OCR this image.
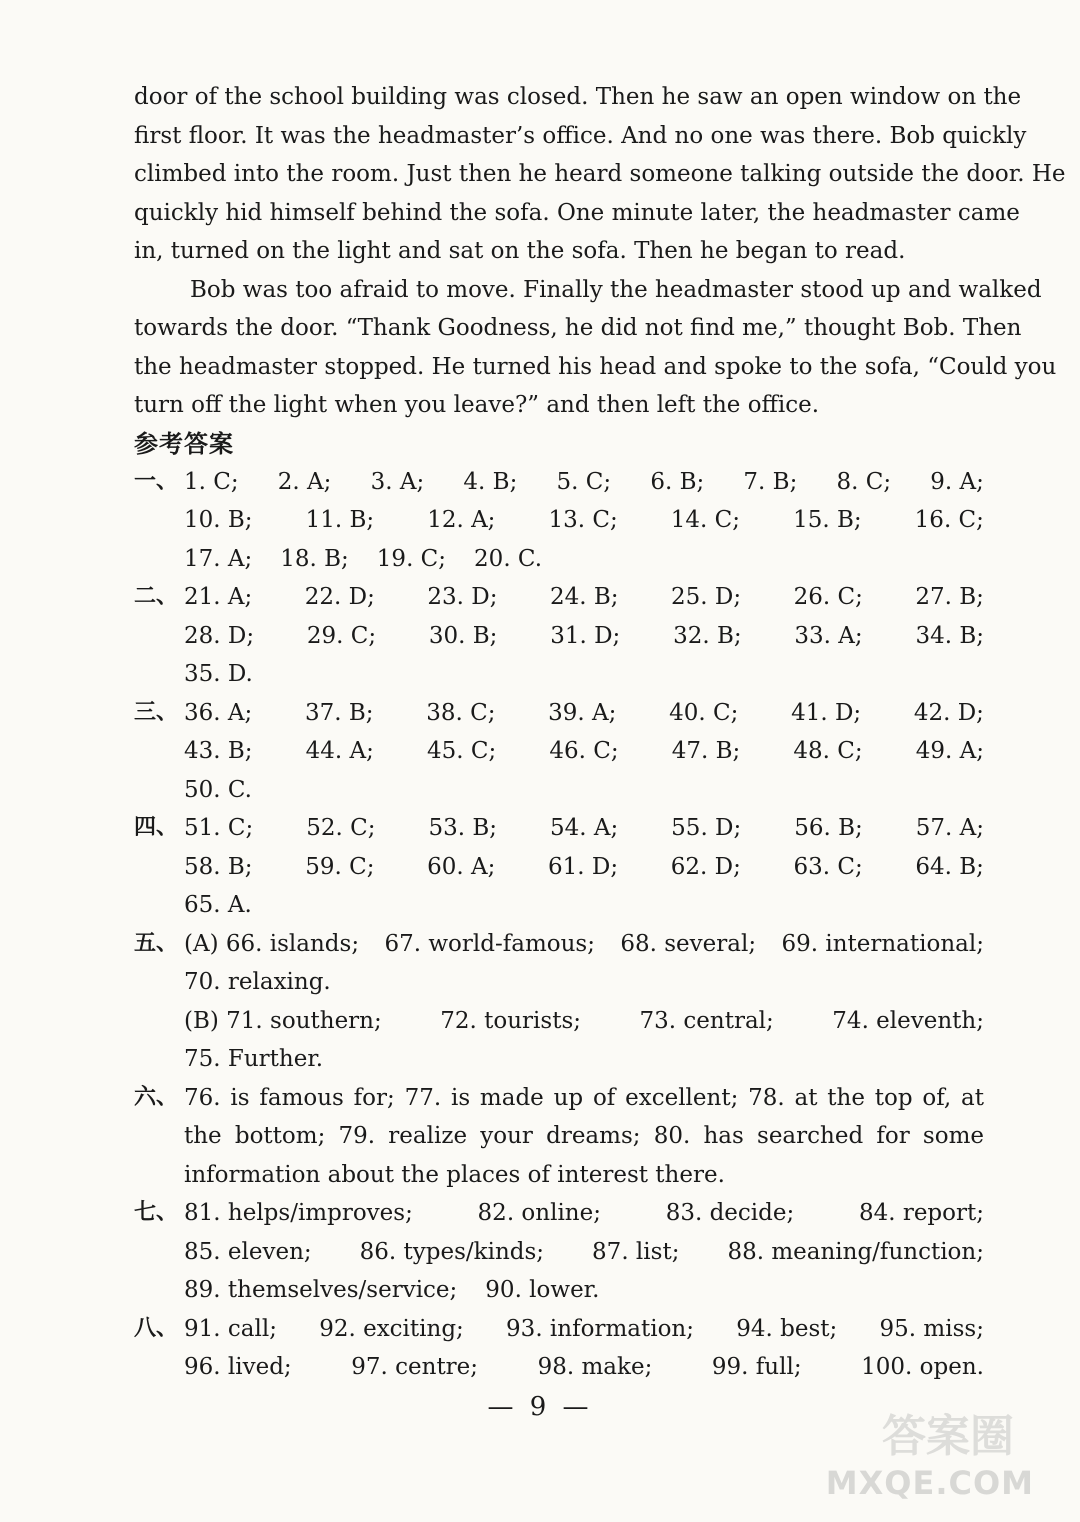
door of the school building was closed. Then he saw an open window on the
first floor. It was the headmaster’s office. And no one was there. Bob quickly
climbed into the room. Just then he heard someone talking outside the door. He
quickly hid himself behind the sofa. One minute later, the headmaster came
in, turned on the light and sat on the sofa. Then he began to read.
Bob was too afraid to move. Finally the headmaster stood up and walked
towards the door. “Thank Goodness, he did not find me,” thought Bob. Then
the headmaster stopped. He turned his head and spoke to the sofa, “Could you
turn off the light when you leave?” and then left the office.
参考答案
一、 1. C; 2. A; 3. A; 4. B; 5. C; 6. B; 7. B; 8. C; 9. A;
10. B; 11. B; 12. A; 13. C; 14. C; 15. B; 16. C;
17. A; 18. B; 19. C; 20. C.
二、 21. A; 22. D; 23. D; 24. B; 25. D; 26. C; 27. B;
28. D; 29. C; 30. B; 31. D; 32. B; 33. A; 34. B;
35. D.
三、 36. A; 37. B; 38. C; 39. A; 40. C; 41. D; 42. D;
43. B; 44. A; 45. C; 46. C; 47. B; 48. C; 49. A;
50. C.
四、 51. C; 52. C; 53. B; 54. A; 55. D; 56. B; 57. A;
58. B; 59. C; 60. A; 61. D; 62. D; 63. C; 64. B;
65. A.
五、 (A) 66. islands; 67. world-famous; 68. several; 69. international;
70. relaxing.
(B) 71. southern;	72. tourists;	73. central;	74. eleventh;
75. Further.
六、 76. is famous for; 77. is made up of excellent; 78. at the top of, at
the bottom; 79. realize your dreams; 80. has searched for some
information about the places of interest there.
七、 81. helps/improves;	82. online;	83. decide;	84. report;
85. eleven; 86. types/kinds; 87. list; 88. meaning/function;
89. themselves/service; 90. lower.
八、 91. call; 92. exciting; 93. information; 94. best; 95. miss;
96. lived;	97. centre;	98. make;	99. full;	100. open.
— 9 —
答案圈
MXQE.COM
